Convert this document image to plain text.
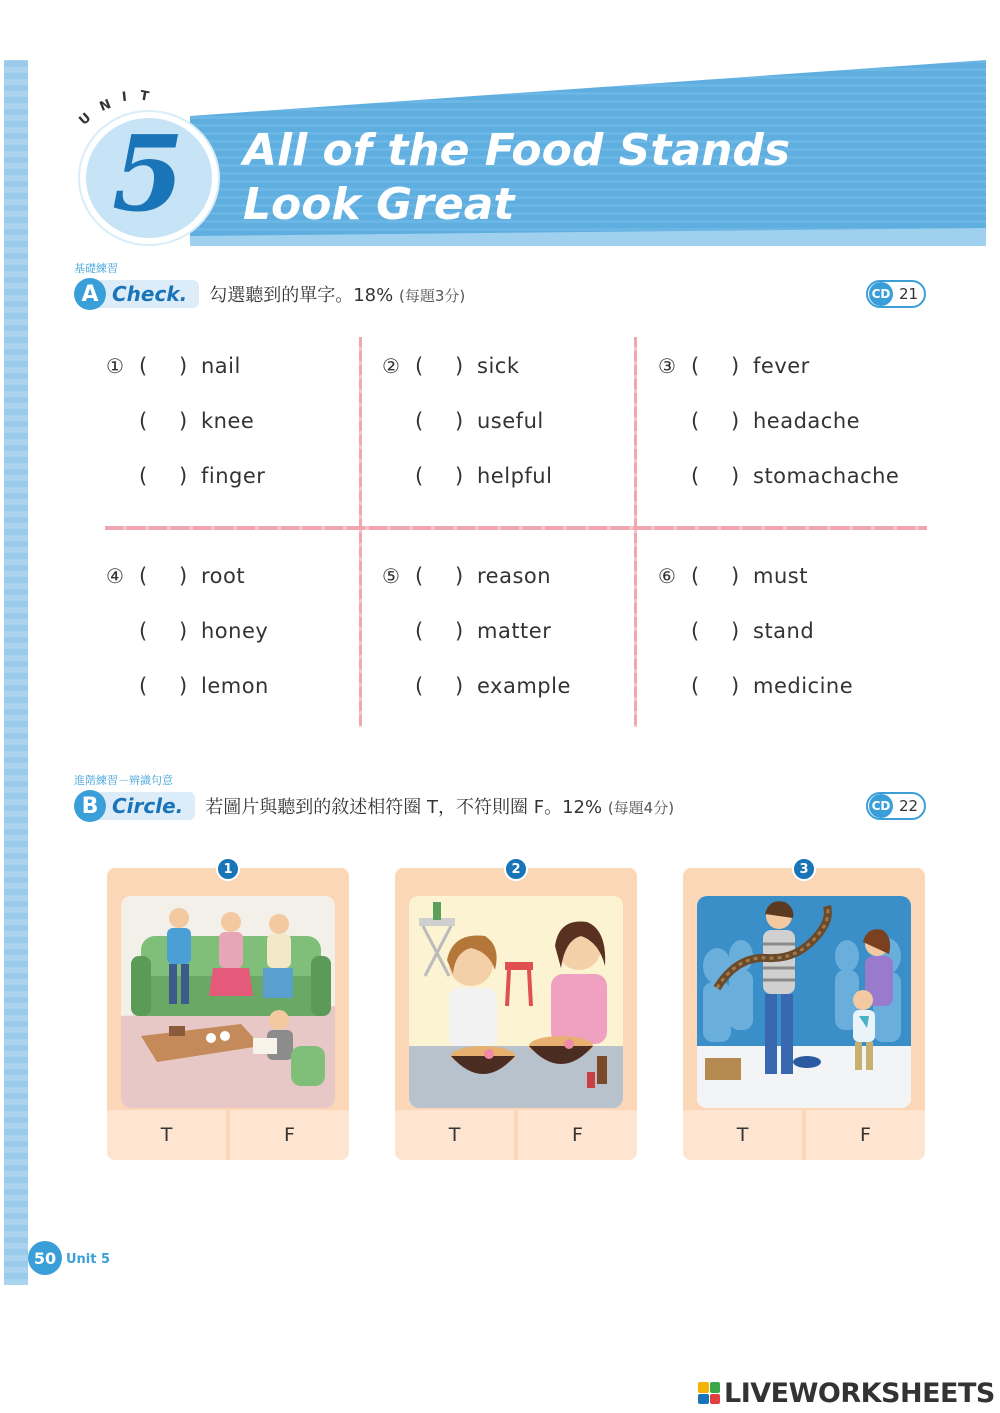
U
N I T
5 All of the Food Stands
Look Great
基礎練習
A Check.	勾選聽到的單字。18% (每題3分)	CD 21
① ( ) nail
( ) knee
( ) finger
② ( ) sick
( ) useful
( ) helpful
③ ( ) fever
( ) headache
( ) stomachache
④ ( ) root
( ) honey
( ) lemon
⑤ ( ) reason
( ) matter
( ) example
⑥ ( ) must
( ) stand
( ) medicine
進階練習－辨識句意
B Circle.	若圖片與聽到的敘述相符圈 T，不符則圈 F。12% (每題4分)	CD 22
1
T	F
2
T	F
3
T	F
50 Unit 5
LIVEWORKSHEETS
